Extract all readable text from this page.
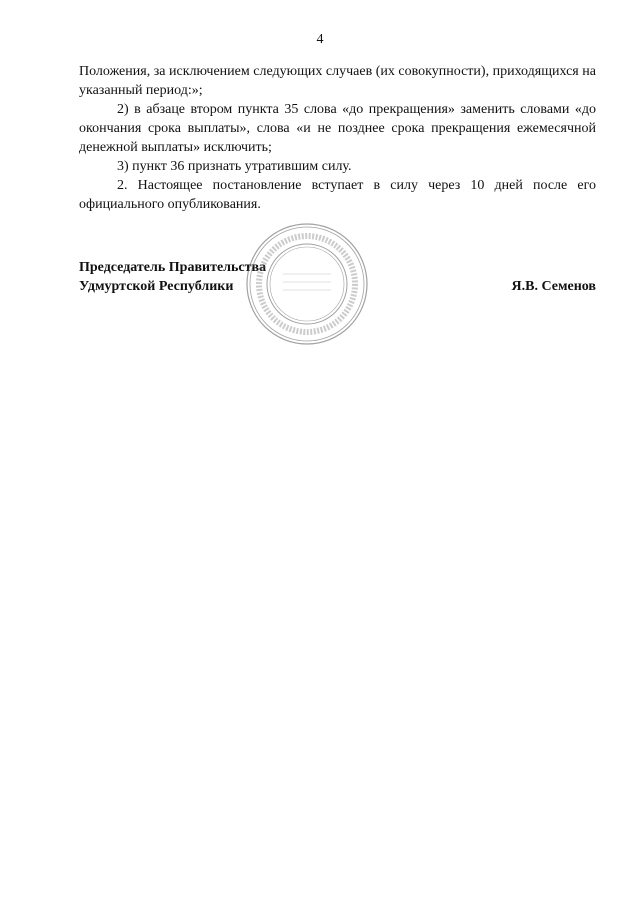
4

Положения, за исключением следующих случаев (их совокупности), приходящихся на указанный период:»;

2) в абзаце втором пункта 35 слова «до прекращения» заменить словами «до окончания срока выплаты», слова «и не позднее срока прекращения ежемесячной денежной выплаты» исключить;

3) пункт 36 признать утратившим силу.

2. Настоящее постановление вступает в силу через 10 дней после его официального опубликования.

Председатель Правительства
Удмуртской Республики	Я.В. Семенов
